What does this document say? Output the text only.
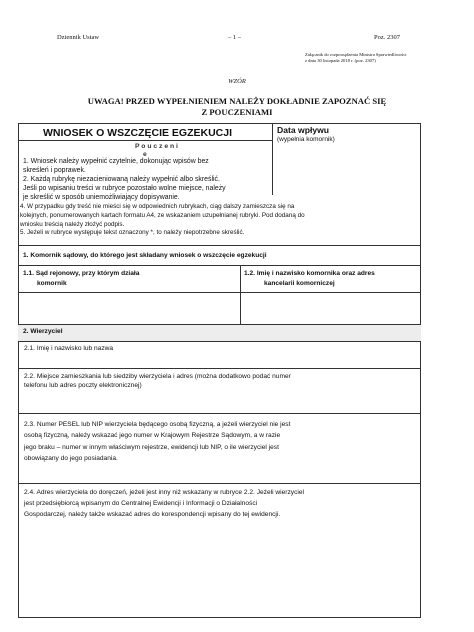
Dziennik Ustaw	– 1 –	Poz. 2307
Załącznik do rozporządzenia Ministra Sprawiedliwości
z dnia 30 listopada 2018 r. (poz. 2307)
WZÓR
UWAGA! PRZED WYPEŁNIENIEM NALEŻY DOKŁADNIE ZAPOZNAĆ SIĘ
Z POUCZENIAMI
WNIOSEK O WSZCZĘCIE EGZEKUCJI	Data wpływu
(wypełnia komornik)
P o u c z e n i
e
1. Wniosek należy wypełnić czytelnie, dokonując wpisów bez
skreśleń i poprawek.
2. Każdą rubrykę niezacieniowaną należy wypełnić albo skreślić.
Jeśli po wpisaniu treści w rubryce pozostało wolne miejsce, należy
je skreślić w sposób uniemożliwiający dopisywanie.
4. W przypadku gdy treść nie mieści się w odpowiednich rubrykach, ciąg dalszy zamieszcza się na
kolejnych, ponumerowanych kartach formatu A4, ze wskazaniem uzupełnianej rubryki. Pod dodaną do
wniosku treścią należy złożyć podpis.
5. Jeżeli w rubryce występuje tekst oznaczony *, to należy niepotrzebne skreślić.
1. Komornik sądowy, do którego jest składany wniosek o wszczęcie egzekucji
1.1. Sąd rejonowy, przy którym działa
komornik
1.2. Imię i nazwisko komornika oraz adres
kancelarii komorniczej
2. Wierzyciel
2.1. Imię i nazwisko lub nazwa
2.2. Miejsce zamieszkania lub siedziby wierzyciela i adres (można dodatkowo podać numer
telefonu lub adres poczty elektronicznej)
2.3. Numer PESEL lub NIP wierzyciela będącego osobą fizyczną, a jeżeli wierzyciel nie jest
osobą fizyczną, należy wskazać jego numer w Krajowym Rejestrze Sądowym, a w razie
jego braku – numer w innym właściwym rejestrze, ewidencji lub NIP, o ile wierzyciel jest
obowiązany do jego posiadania.
2.4. Adres wierzyciela do doręczeń, jeżeli jest inny niż wskazany w rubryce 2.2. Jeżeli wierzyciel
jest przedsiębiorcą wpisanym do Centralnej Ewidencji i Informacji o Działalności
Gospodarczej, należy także wskazać adres do korespondencji wpisany do tej ewidencji.
